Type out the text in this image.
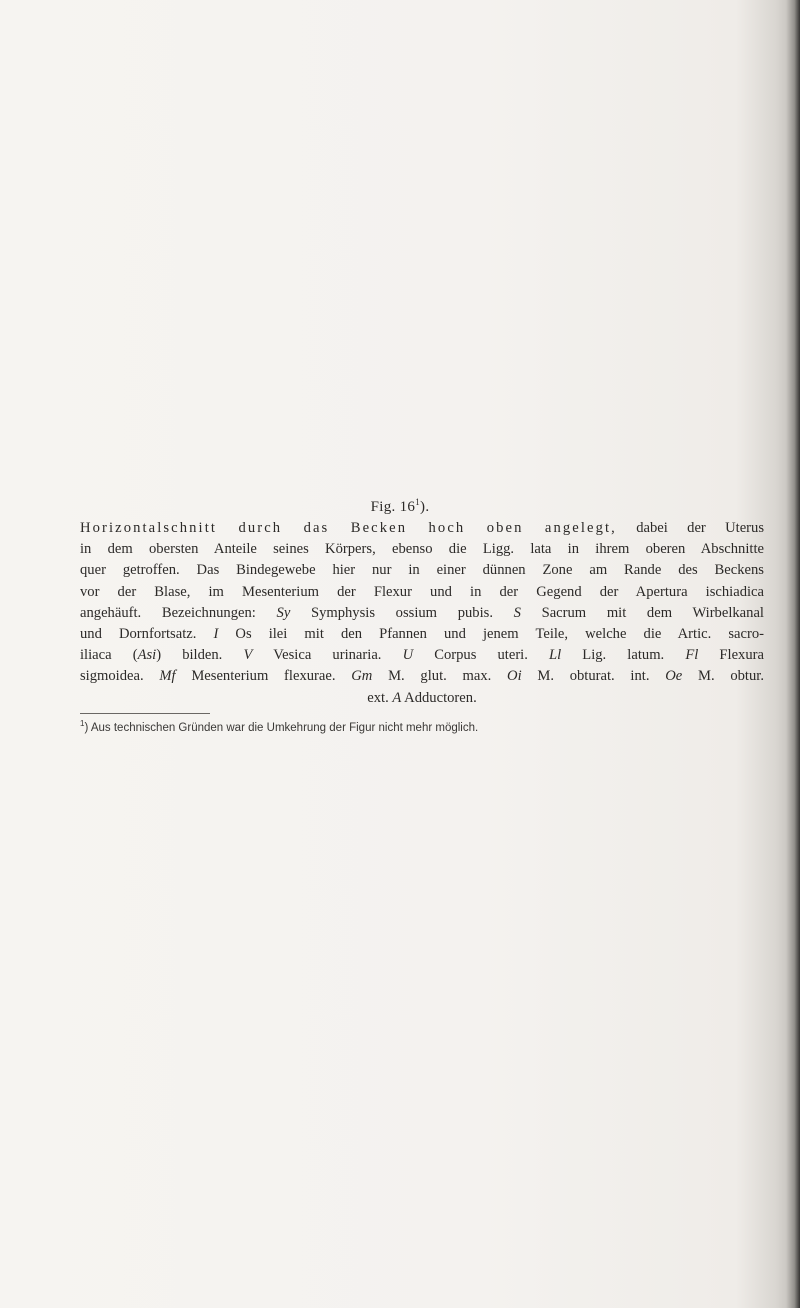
Fig. $16^1$).
Horizontalschnitt durch das Becken hoch oben angelegt, dabei der Uterus
in dem obersten Anteile seines Körpers, ebenso die Ligg. lata in ihrem oberen Abschnitte
quer getroffen. Das Bindegewebe hier nur in einer dünnen Zone am Rande des Beckens
vor der Blase, im Mesenterium der Flexur und in der Gegend der Apertura ischiadica
angehäuft. Bezeichnungen: Sy Symphysis ossium pubis. S Sacrum mit dem Wirbelkanal
und Dornfortsatz. I Os ilei mit den Pfannen und jenem Teile, welche die Artic. sacro-
iliaca (Asi) bilden. V Vesica urinaria. U Corpus uteri. Ll Lig. latum. Fl Flexura
sigmoidea. Mf Mesenterium flexurae. Gm M. glut. max. Oi M. obturat. int. Oe M. obtur.
ext. A Adductoren.
$^1$) Aus technischen Gründen war die Umkehrung der Figur nicht mehr möglich.
